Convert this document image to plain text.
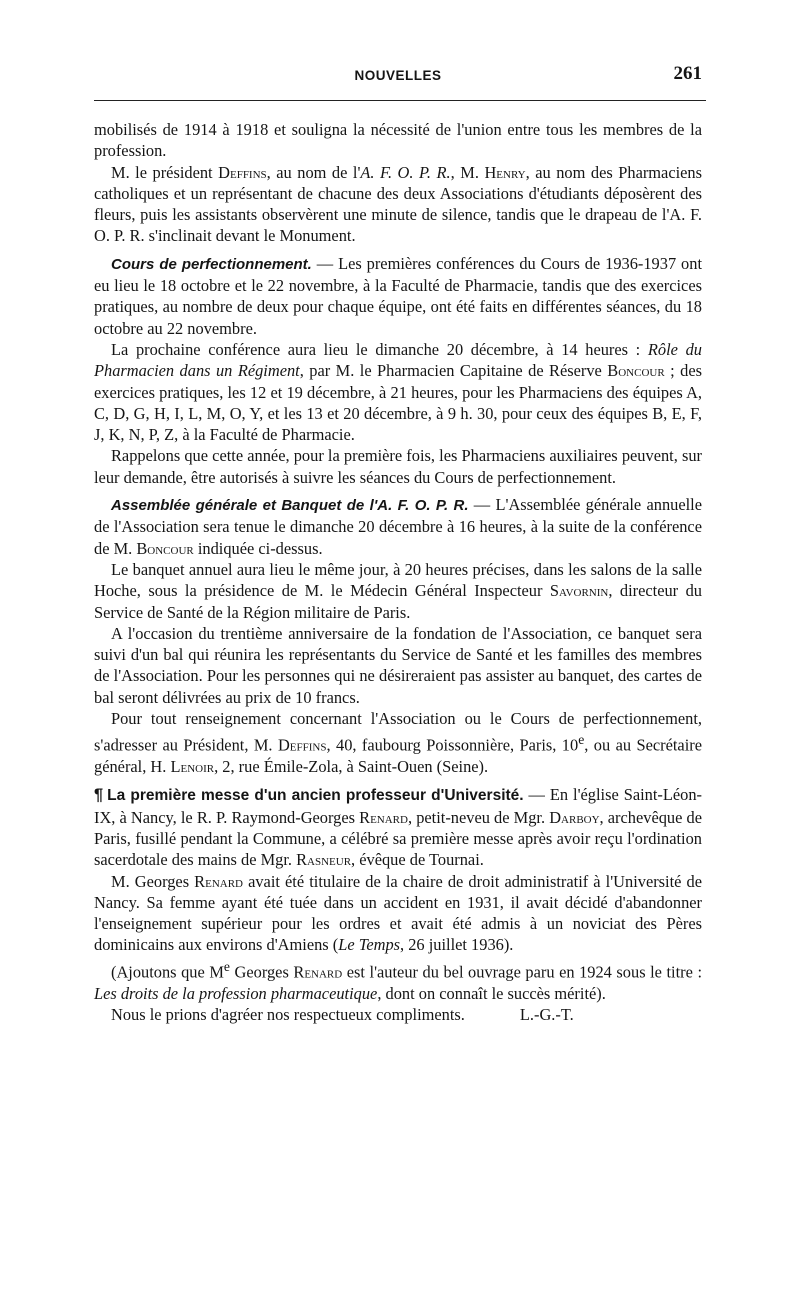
NOUVELLES	261

mobilisés de 1914 à 1918 et souligna la nécessité de l'union entre tous les membres de la profession.

M. le président Deffins, au nom de l'A. F. O. P. R., M. Henry, au nom des Pharmaciens catholiques et un représentant de chacune des deux Associations d'étudiants déposèrent des fleurs, puis les assistants observèrent une minute de silence, tandis que le drapeau de l'A. F. O. P. R. s'inclinait devant le Monument.

Cours de perfectionnement. — Les premières conférences du Cours de 1936-1937 ont eu lieu le 18 octobre et le 22 novembre, à la Faculté de Pharmacie, tandis que des exercices pratiques, au nombre de deux pour chaque équipe, ont été faits en différentes séances, du 18 octobre au 22 novembre.

La prochaine conférence aura lieu le dimanche 20 décembre, à 14 heures : Rôle du Pharmacien dans un Régiment, par M. le Pharmacien Capitaine de Réserve Boncour ; des exercices pratiques, les 12 et 19 décembre, à 21 heures, pour les Pharmaciens des équipes A, C, D, G, H, I, L, M, O, Y, et les 13 et 20 décembre, à 9 h. 30, pour ceux des équipes B, E, F, J, K, N, P, Z, à la Faculté de Pharmacie.

Rappelons que cette année, pour la première fois, les Pharmaciens auxiliaires peuvent, sur leur demande, être autorisés à suivre les séances du Cours de perfectionnement.

Assemblée générale et Banquet de l'A. F. O. P. R. — L'Assemblée générale annuelle de l'Association sera tenue le dimanche 20 décembre à 16 heures, à la suite de la conférence de M. Boncour indiquée ci-dessus.

Le banquet annuel aura lieu le même jour, à 20 heures précises, dans les salons de la salle Hoche, sous la présidence de M. le Médecin Général Inspecteur Savornin, directeur du Service de Santé de la Région militaire de Paris.

A l'occasion du trentième anniversaire de la fondation de l'Association, ce banquet sera suivi d'un bal qui réunira les représentants du Service de Santé et les familles des membres de l'Association. Pour les personnes qui ne désireraient pas assister au banquet, des cartes de bal seront délivrées au prix de 10 francs.

Pour tout renseignement concernant l'Association ou le Cours de perfectionnement, s'adresser au Président, M. Deffins, 40, faubourg Poissonnière, Paris, 10e, ou au Secrétaire général, H. Lenoir, 2, rue Émile-Zola, à Saint-Ouen (Seine).

¶ La première messe d'un ancien professeur d'Université. — En l'église Saint-Léon-IX, à Nancy, le R. P. Raymond-Georges Renard, petit-neveu de Mgr. Darboy, archevêque de Paris, fusillé pendant la Commune, a célébré sa première messe après avoir reçu l'ordination sacerdotale des mains de Mgr. Rasneur, évêque de Tournai.

M. Georges Renard avait été titulaire de la chaire de droit administratif à l'Université de Nancy. Sa femme ayant été tuée dans un accident en 1931, il avait décidé d'abandonner l'enseignement supérieur pour les ordres et avait été admis à un noviciat des Pères dominicains aux environs d'Amiens (Le Temps, 26 juillet 1936).

(Ajoutons que Me Georges Renard est l'auteur du bel ouvrage paru en 1924 sous le titre : Les droits de la profession pharmaceutique, dont on connaît le succès mérité).

Nous le prions d'agréer nos respectueux compliments.	L.-G.-T.
